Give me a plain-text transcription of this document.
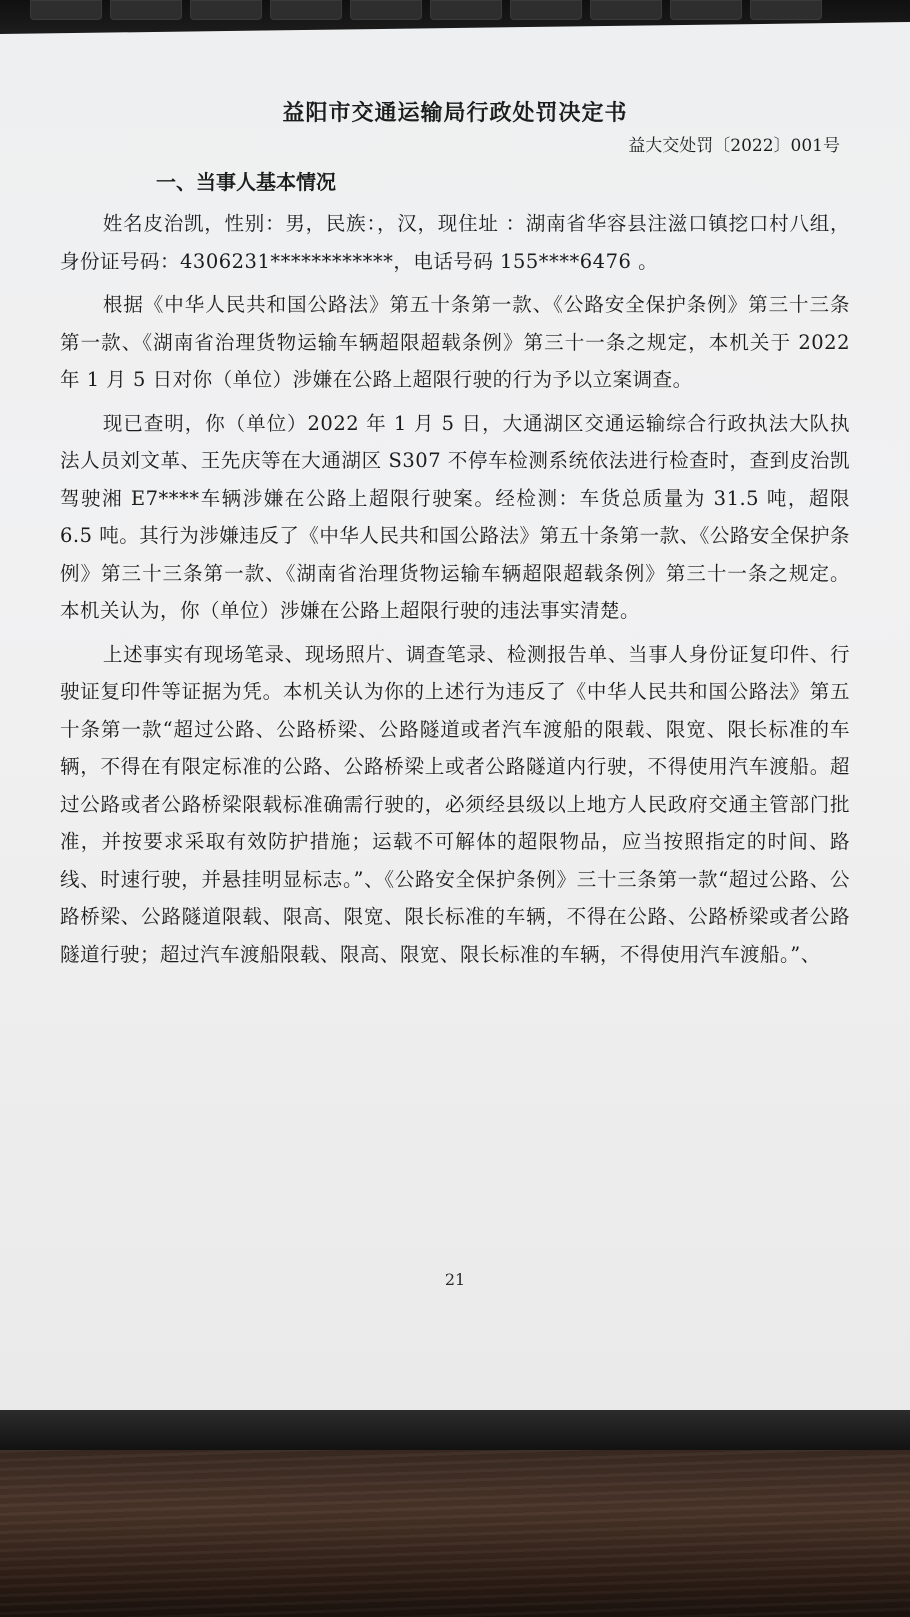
益阳市交通运输局行政处罚决定书
益大交处罚〔2022〕001号
一、当事人基本情况

姓名皮治凯，性别：男，民族：，汉，现住址 ：湖南省华容县注滋口镇挖口村八组，身份证号码：4306231************，电话号码 155****6476 。

根据《中华人民共和国公路法》第五十条第一款、《公路安全保护条例》第三十三条第一款、《湖南省治理货物运输车辆超限超载条例》第三十一条之规定，本机关于 2022 年 1 月 5 日对你（单位）涉嫌在公路上超限行驶的行为予以立案调查。

现已查明，你（单位）2022 年 1 月 5 日，大通湖区交通运输综合行政执法大队执法人员刘文革、王先庆等在大通湖区 S307 不停车检测系统依法进行检查时，查到皮治凯驾驶湘 E7****车辆涉嫌在公路上超限行驶案。经检测：车货总质量为 31.5 吨，超限 6.5 吨。其行为涉嫌违反了《中华人民共和国公路法》第五十条第一款、《公路安全保护条例》第三十三条第一款、《湖南省治理货物运输车辆超限超载条例》第三十一条之规定。本机关认为，你（单位）涉嫌在公路上超限行驶的违法事实清楚。

上述事实有现场笔录、现场照片、调查笔录、检测报告单、当事人身份证复印件、行驶证复印件等证据为凭。本机关认为你的上述行为违反了《中华人民共和国公路法》第五十条第一款“超过公路、公路桥梁、公路隧道或者汽车渡船的限载、限宽、限长标准的车辆，不得在有限定标准的公路、公路桥梁上或者公路隧道内行驶，不得使用汽车渡船。超过公路或者公路桥梁限载标准确需行驶的，必须经县级以上地方人民政府交通主管部门批准，并按要求采取有效防护措施；运载不可解体的超限物品，应当按照指定的时间、路线、时速行驶，并悬挂明显标志。”、《公路安全保护条例》三十三条第一款“超过公路、公路桥梁、公路隧道限载、限高、限宽、限长标准的车辆，不得在公路、公路桥梁或者公路隧道行驶；超过汽车渡船限载、限高、限宽、限长标准的车辆，不得使用汽车渡船。”、

21
